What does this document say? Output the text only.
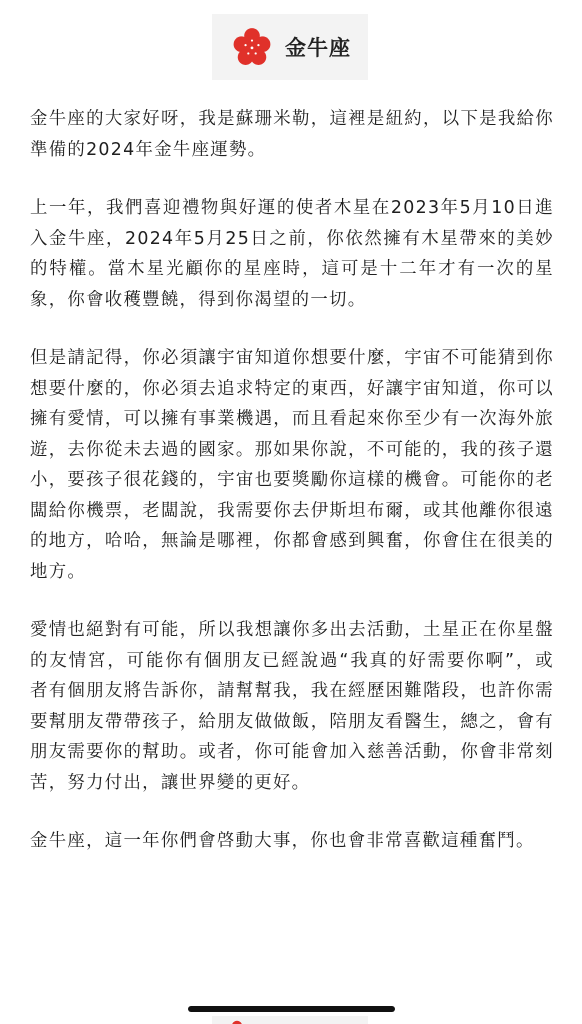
金牛座

金牛座的大家好呀，我是蘇珊米勒，這裡是紐約，以下是我給你準備的2024年金牛座運勢。

上一年，我們喜迎禮物與好運的使者木星在2023年5月10日進入金牛座，2024年5月25日之前，你依然擁有木星帶來的美妙的特權。當木星光顧你的星座時，這可是十二年才有一次的星象，你會收穫豐饒，得到你渴望的一切。

但是請記得，你必須讓宇宙知道你想要什麼，宇宙不可能猜到你想要什麼的，你必須去追求特定的東西，好讓宇宙知道，你可以擁有愛情，可以擁有事業機遇，而且看起來你至少有一次海外旅遊，去你從未去過的國家。那如果你說，不可能的，我的孩子還小，要孩子很花錢的，宇宙也要獎勵你這樣的機會。可能你的老闆給你機票，老闆說，我需要你去伊斯坦布爾，或其他離你很遠的地方，哈哈，無論是哪裡，你都會感到興奮，你會住在很美的地方。

愛情也絕對有可能，所以我想讓你多出去活動，土星正在你星盤的友情宮，可能你有個朋友已經說過“我真的好需要你啊”，或者有個朋友將告訴你，請幫幫我，我在經歷困難階段，也許你需要幫朋友帶帶孩子，給朋友做做飯，陪朋友看醫生，總之，會有朋友需要你的幫助。或者，你可能會加入慈善活動，你會非常刻苦，努力付出，讓世界變的更好。

金牛座，這一年你們會啓動大事，你也會非常喜歡這種奮鬥。
